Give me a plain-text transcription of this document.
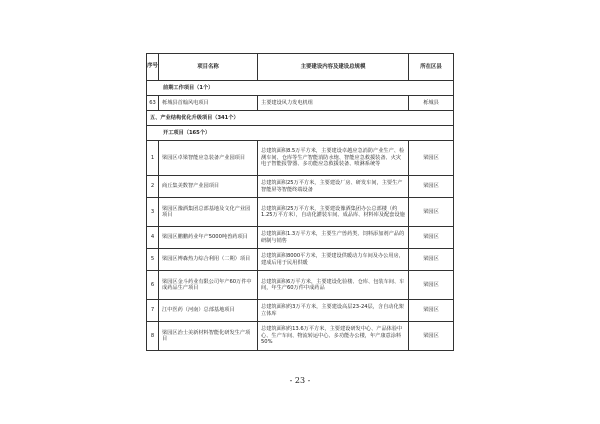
序号	项目名称	主要建设内容及建设总规模	所在区县
前期工作项目（1个）			
63	栎城县首翰风电项目	主要建设风力发电机组	栎城县
五、产业结构优化升级项目（341个）			
开工项目（165个）			
1	梁园区卓梁智能应急装备产业园项目	总建筑面积8.5万平方米，主要建设卓越应急消防产业生产、检测车间、仓库等生产智能消防水炮、智能应急救援装备、火灾电子智能报警器、多功能应急救援装备、喷淋系统等	梁园区
2	商丘集美数智产业园项目	总建筑面积25万平方米，主要建设厂房、研发车间，主要生产智能屏等智能终端设备	梁园区
3	梁园区豫酒集团总部基地及文化产业园项目	总建筑面积25万平方米，主要建设豫酒集团办公总部楼（约1.25万平方米），自动化灌装车间、成品库、材料库及配套设施	梁园区
4	梁园区鹏鹏药业年产5000吨兽药项目	总建筑面积1.3万平方米，主要生产兽药类、饲料添加剂产品的研制与销售	梁园区
5	梁园区博森热力综合利用（二期）项目	总建筑面积8000平方米，主要建设供暖动力车间及办公用房，建成后用于民用供暖	梁园区
6	梁园区金斗药业有限公司年产60万件中成药品生产项目	总建筑面积6万平方米，主要建设化验楼、仓库、包装车间、车间，年生产60万件中成药品	梁园区
7	江中医药（河南）总部基地项目	总建筑面积约3万平方米，主要建设高层23-24层，含自动化架立体库	梁园区
8	梁园区治士美新材料智能化研发生产项目	总建筑面积约13.6万平方米，主要建设研发中心、产品体验中心、生产车间、物流转运中心、多功能办公楼，年产康意涂料50%	梁园区
- 23 -
